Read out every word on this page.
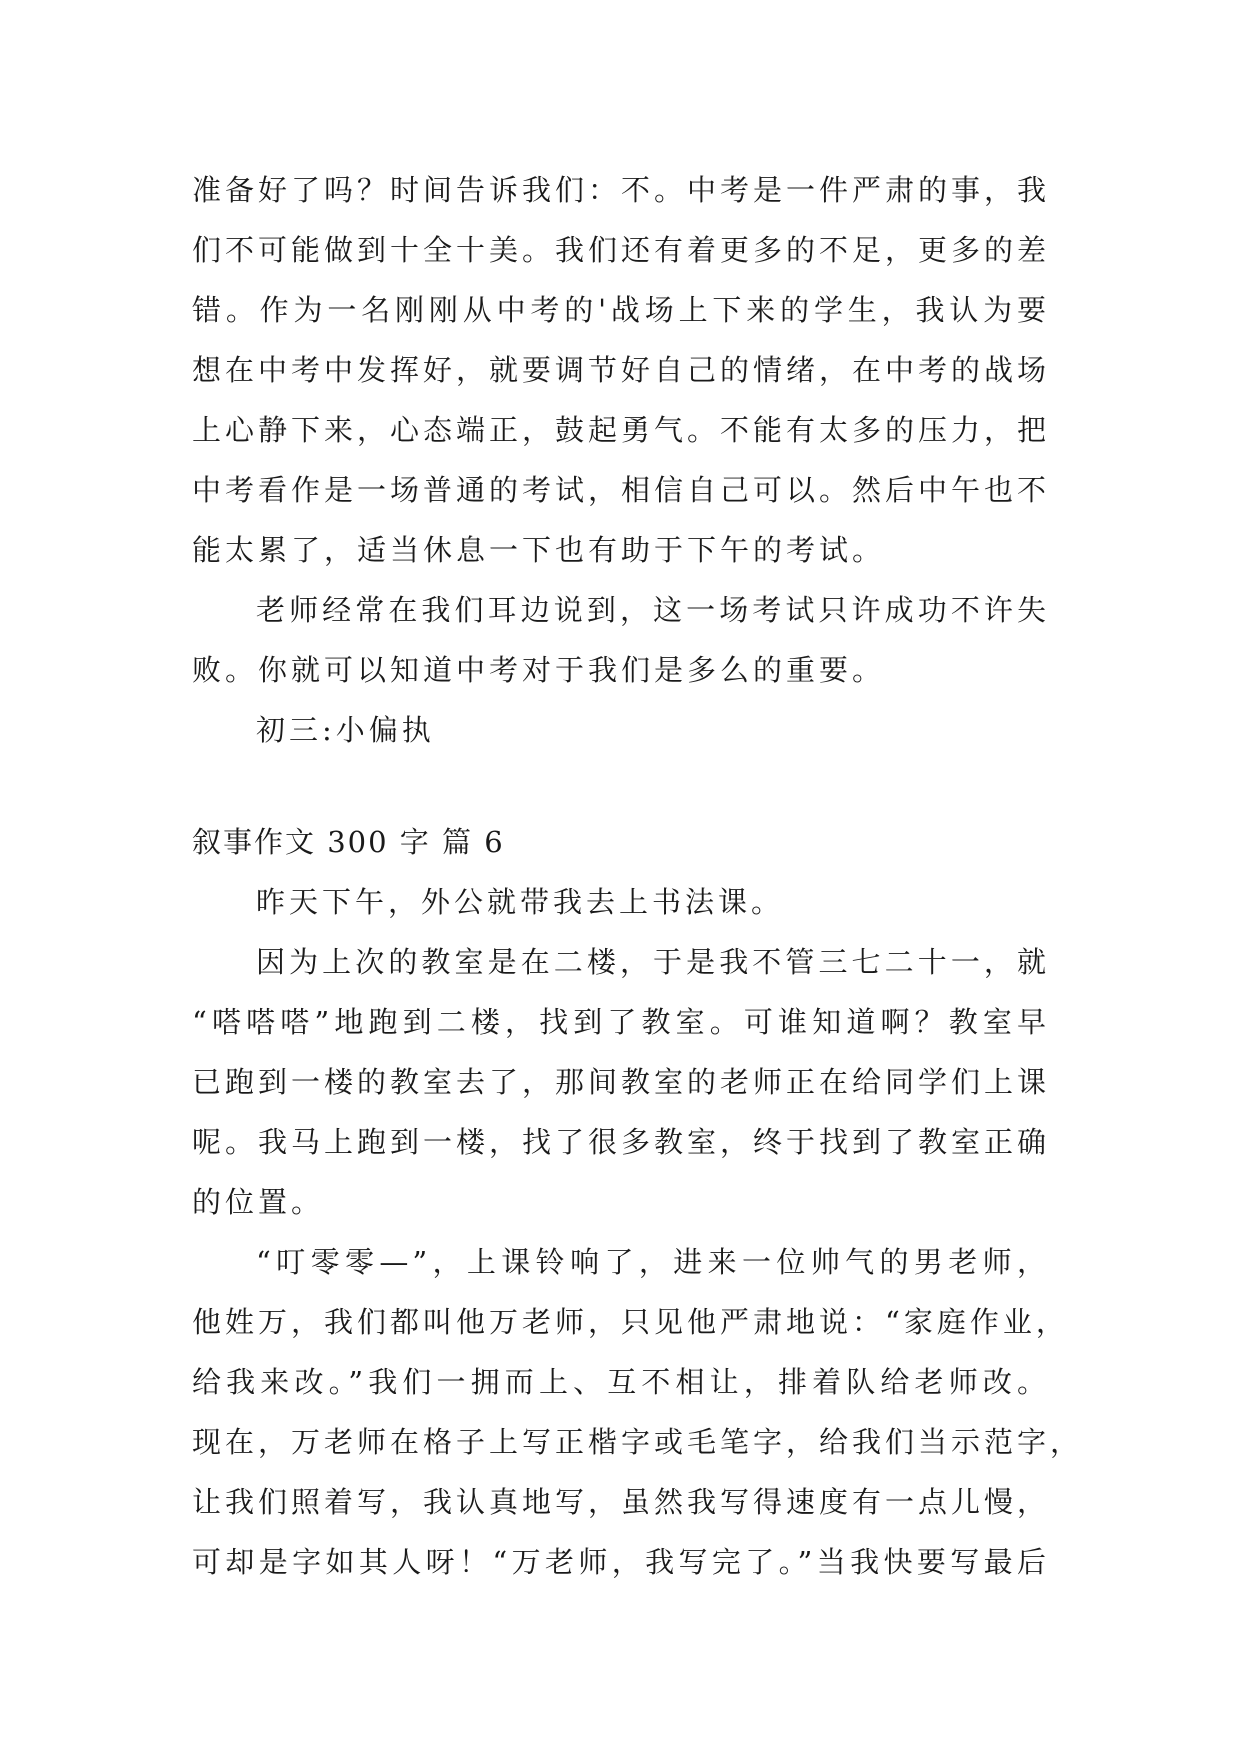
准备好了吗？时间告诉我们：不。中考是一件严肃的事，我
们不可能做到十全十美。我们还有着更多的不足，更多的差
错。作为一名刚刚从中考的'战场上下来的学生，我认为要
想在中考中发挥好，就要调节好自己的情绪，在中考的战场
上心静下来，心态端正，鼓起勇气。不能有太多的压力，把
中考看作是一场普通的考试，相信自己可以。然后中午也不
能太累了，适当休息一下也有助于下午的考试。
老师经常在我们耳边说到，这一场考试只许成功不许失
败。你就可以知道中考对于我们是多么的重要。
初三:小偏执
叙事作文 300 字 篇 6
昨天下午，外公就带我去上书法课。
因为上次的教室是在二楼，于是我不管三七二十一，就
“嗒嗒嗒”地跑到二楼，找到了教室。可谁知道啊？教室早
已跑到一楼的教室去了，那间教室的老师正在给同学们上课
呢。我马上跑到一楼，找了很多教室，终于找到了教室正确
的位置。
“叮零零—”，上课铃响了，进来一位帅气的男老师，
他姓万，我们都叫他万老师，只见他严肃地说：“家庭作业，
给我来改。”我们一拥而上、互不相让，排着队给老师改。
现在，万老师在格子上写正楷字或毛笔字，给我们当示范字，
让我们照着写，我认真地写，虽然我写得速度有一点儿慢，
可却是字如其人呀！“万老师，我写完了。”当我快要写最后
